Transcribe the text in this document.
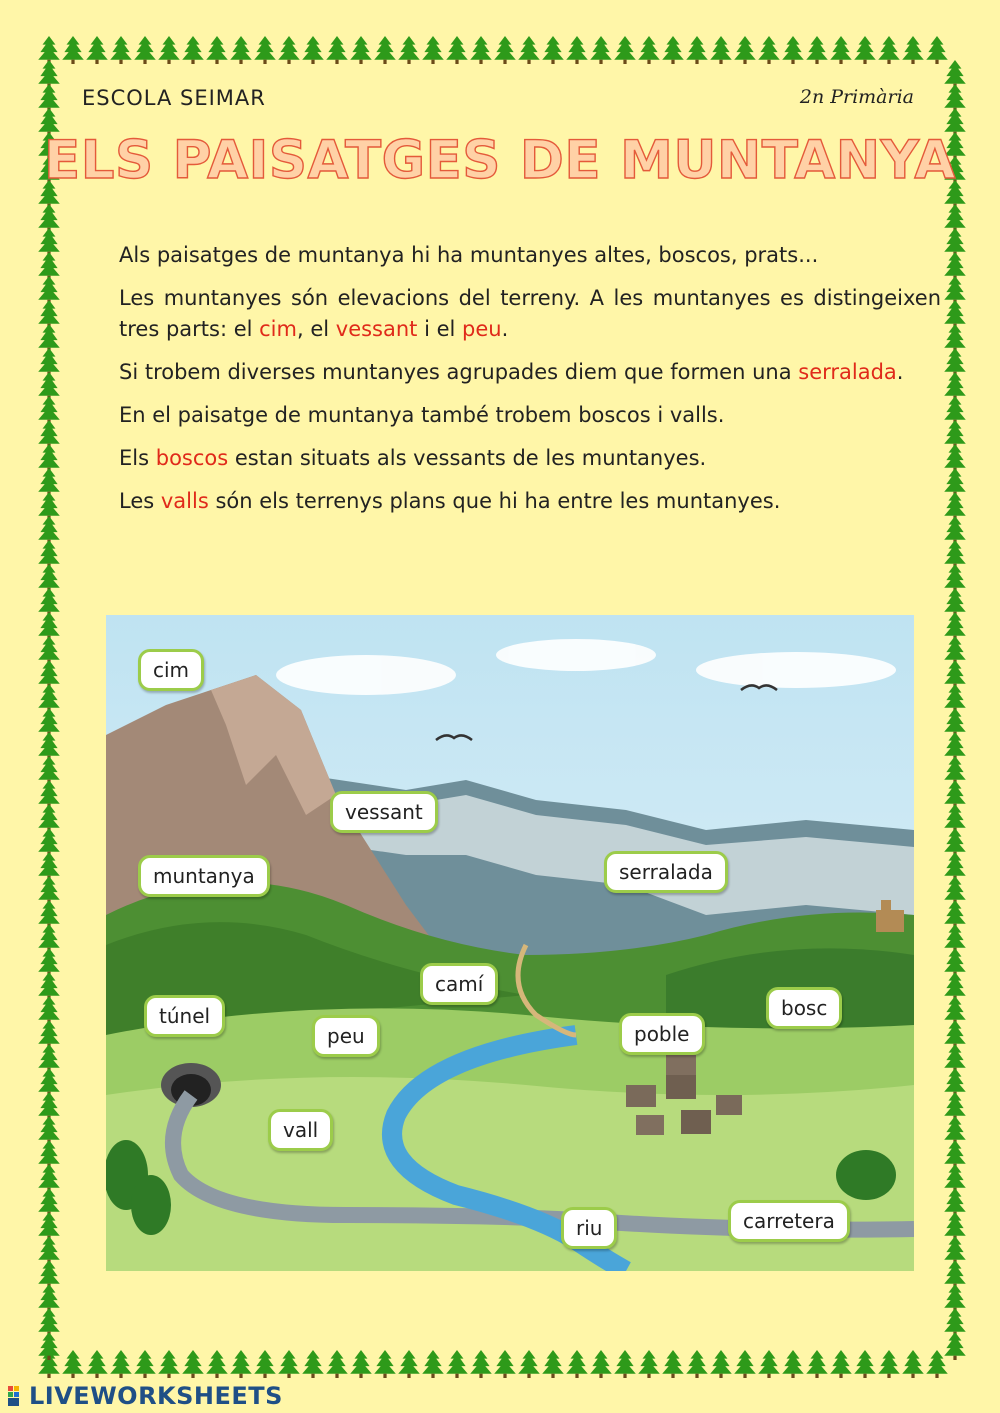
ESCOLA SEIMAR	2n Primària
ELS PAISATGES DE MUNTANYA

Als paisatges de muntanya hi ha muntanyes altes, boscos, prats...

Les muntanyes són elevacions del terreny. A les muntanyes es distingeixen tres parts: el cim, el vessant i el peu.

Si trobem diverses muntanyes agrupades diem que formen una serralada.

En el paisatge de muntanya també trobem boscos i valls.

Els boscos estan situats als vessants de les muntanyes.

Les valls són els terrenys plans que hi ha entre les muntanyes.

cim
vessant
muntanya	serralada
camí
túnel
peu	poble
bosc
vall
riu	carretera
LIVEWORKSHEETS
